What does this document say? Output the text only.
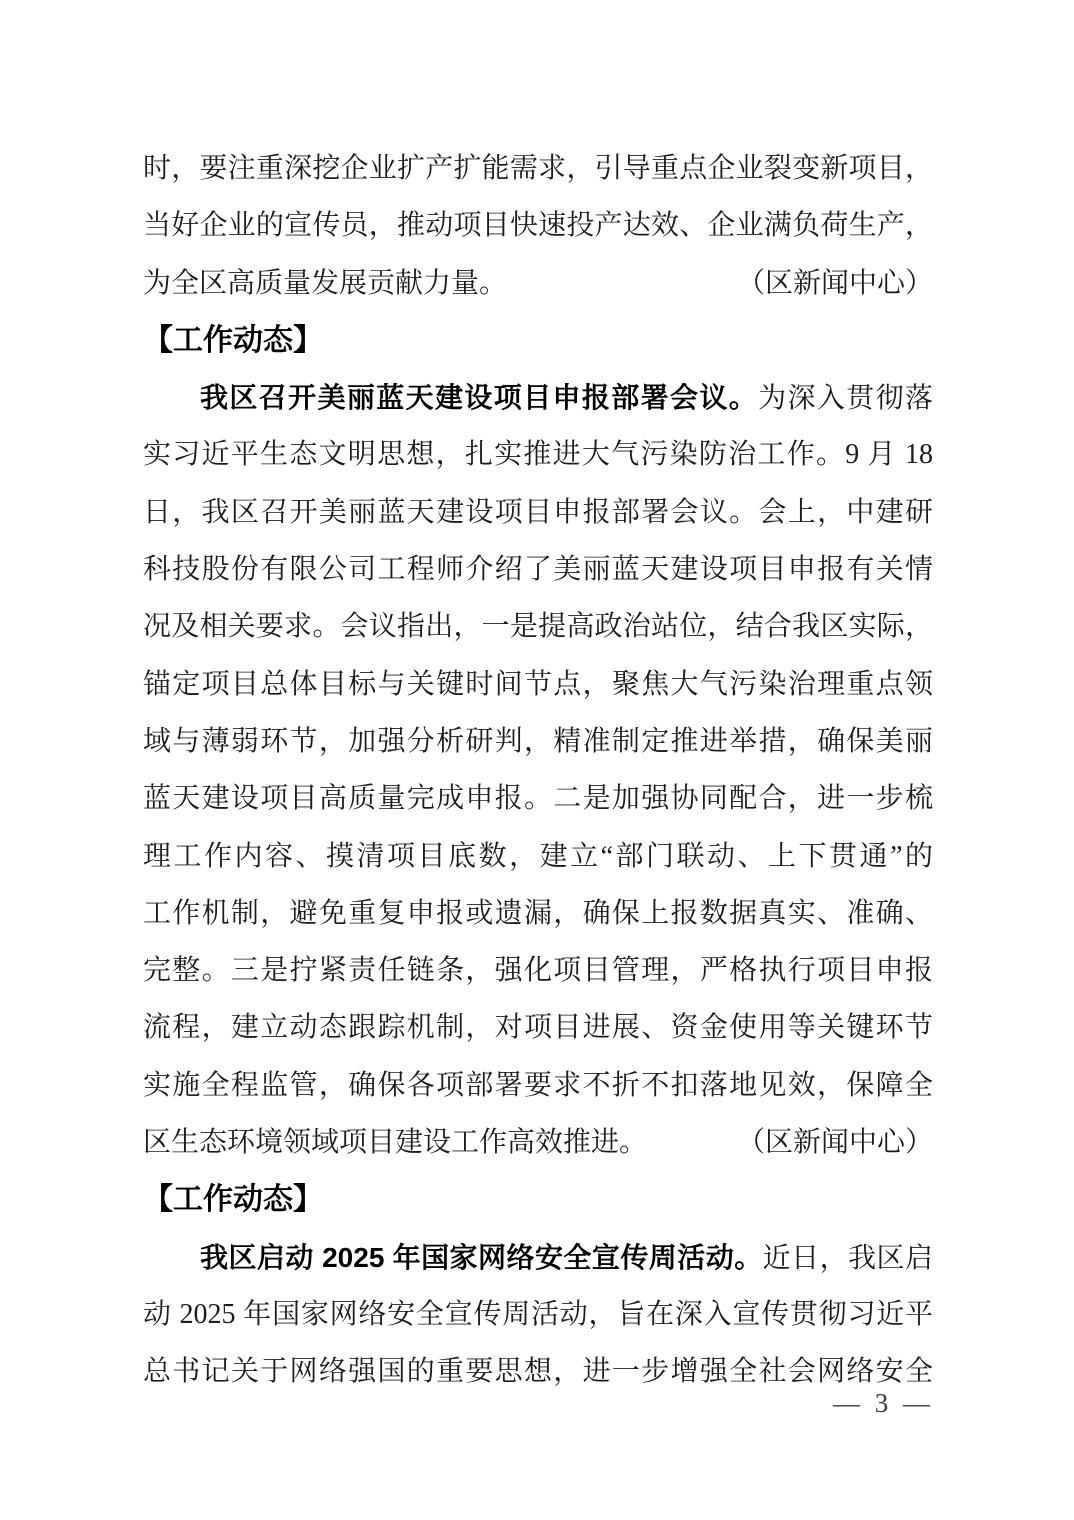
时，要注重深挖企业扩产扩能需求，引导重点企业裂变新项目，
当好企业的宣传员，推动项目快速投产达效、企业满负荷生产，
为全区高质量发展贡献力量。	（区新闻中心）
【工作动态】
我区召开美丽蓝天建设项目申报部署会议。为深入贯彻落
实习近平生态文明思想，扎实推进大气污染防治工作。9 月 18
日，我区召开美丽蓝天建设项目申报部署会议。会上，中建研
科技股份有限公司工程师介绍了美丽蓝天建设项目申报有关情
况及相关要求。会议指出，一是提高政治站位，结合我区实际，
锚定项目总体目标与关键时间节点，聚焦大气污染治理重点领
域与薄弱环节，加强分析研判，精准制定推进举措，确保美丽
蓝天建设项目高质量完成申报。二是加强协同配合，进一步梳
理工作内容、摸清项目底数，建立“部门联动、上下贯通”的
工作机制，避免重复申报或遗漏，确保上报数据真实、准确、
完整。三是拧紧责任链条，强化项目管理，严格执行项目申报
流程，建立动态跟踪机制，对项目进展、资金使用等关键环节
实施全程监管，确保各项部署要求不折不扣落地见效，保障全
区生态环境领域项目建设工作高效推进。	（区新闻中心）
【工作动态】
我区启动 2025 年国家网络安全宣传周活动。近日，我区启
动 2025 年国家网络安全宣传周活动，旨在深入宣传贯彻习近平
总书记关于网络强国的重要思想，进一步增强全社会网络安全
— 3 —
